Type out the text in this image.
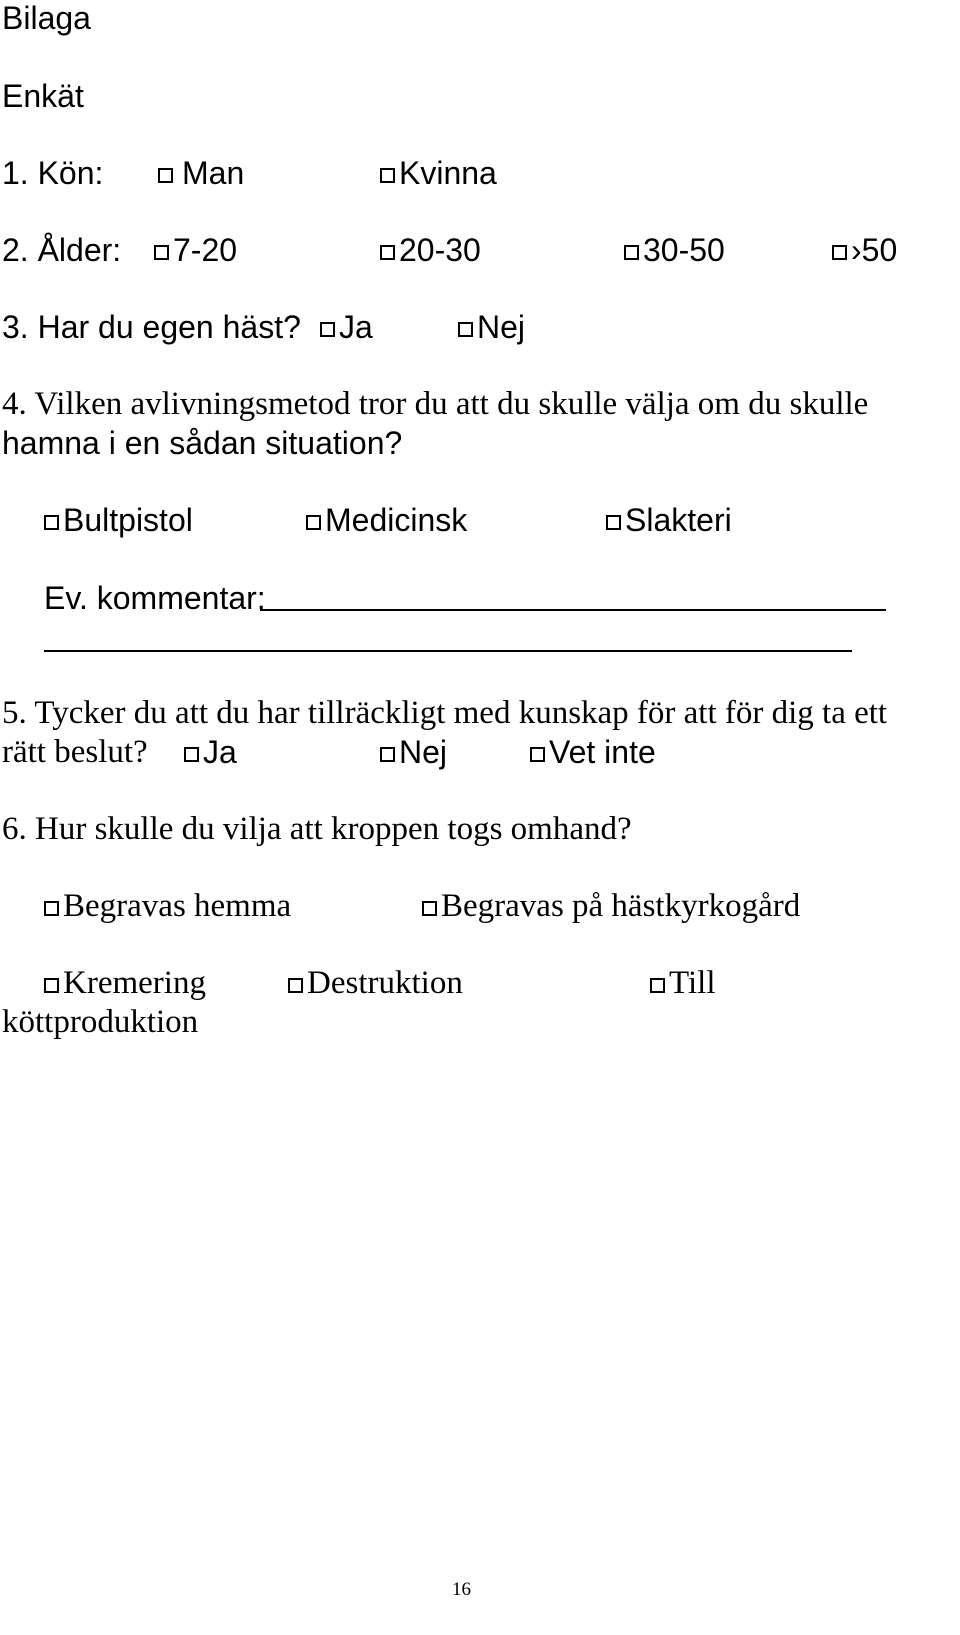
Bilaga
Enkät
1. Kön: Man	Kvinna
2. Ålder: 7-20	20-30	30-50	›50
3. Har du egen häst? Ja	Nej
4. Vilken avlivningsmetod tror du att du skulle välja om du skulle
hamna i en sådan situation?
Bultpistol	Medicinsk	Slakteri
Ev. kommentar:
5. Tycker du att du har tillräckligt med kunskap för att för dig ta ett
rätt beslut? Ja	Nej	Vet inte
6. Hur skulle du vilja att kroppen togs omhand?
Begravas hemma	Begravas på hästkyrkogård
Kremering	Destruktion	Till
köttproduktion
16
